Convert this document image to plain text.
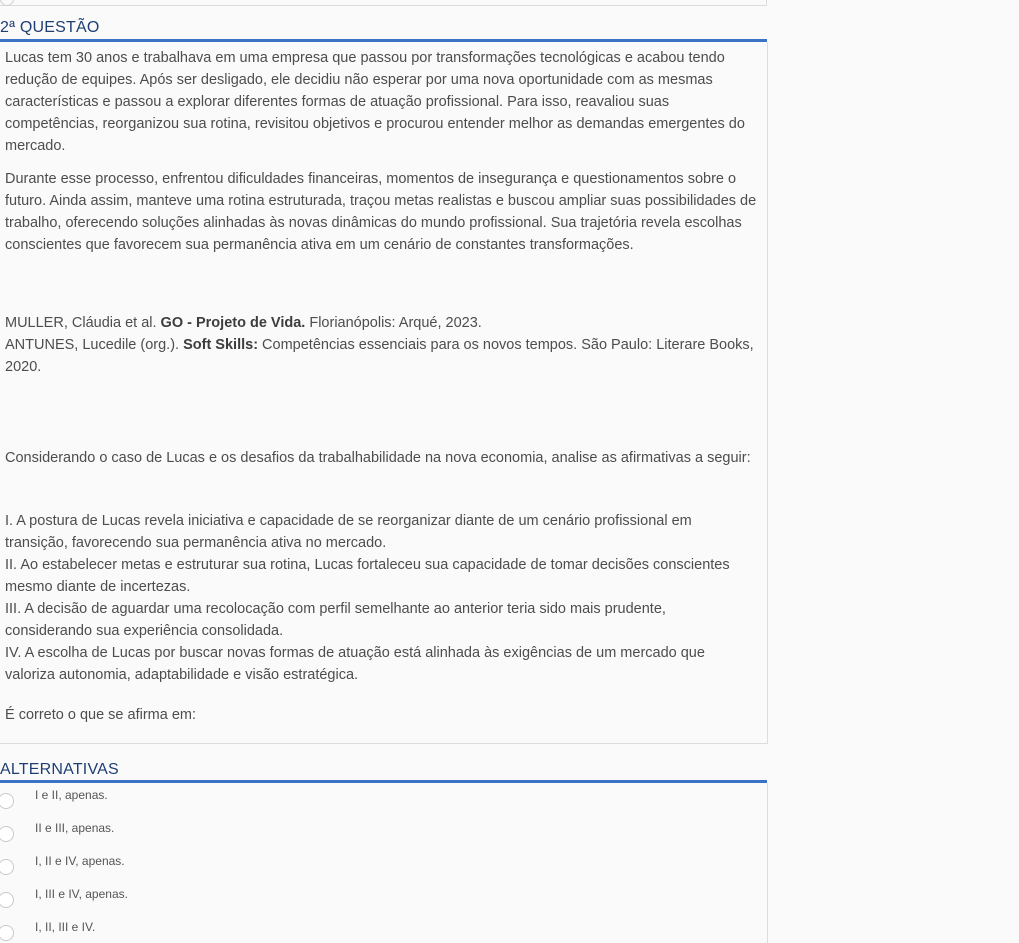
2ª QUESTÃO

Lucas tem 30 anos e trabalhava em uma empresa que passou por transformações tecnológicas e acabou tendo redução de equipes. Após ser desligado, ele decidiu não esperar por uma nova oportunidade com as mesmas características e passou a explorar diferentes formas de atuação profissional. Para isso, reavaliou suas competências, reorganizou sua rotina, revisitou objetivos e procurou entender melhor as demandas emergentes do mercado.

Durante esse processo, enfrentou dificuldades financeiras, momentos de insegurança e questionamentos sobre o futuro. Ainda assim, manteve uma rotina estruturada, traçou metas realistas e buscou ampliar suas possibilidades de trabalho, oferecendo soluções alinhadas às novas dinâmicas do mundo profissional. Sua trajetória revela escolhas conscientes que favorecem sua permanência ativa em um cenário de constantes transformações.

MULLER, Cláudia et al. GO - Projeto de Vida. Florianópolis: Arqué, 2023.
ANTUNES, Lucedile (org.). Soft Skills: Competências essenciais para os novos tempos. São Paulo: Literare Books, 2020.

Considerando o caso de Lucas e os desafios da trabalhabilidade na nova economia, analise as afirmativas a seguir:

I. A postura de Lucas revela iniciativa e capacidade de se reorganizar diante de um cenário profissional em transição, favorecendo sua permanência ativa no mercado.
II. Ao estabelecer metas e estruturar sua rotina, Lucas fortaleceu sua capacidade de tomar decisões conscientes mesmo diante de incertezas.
III. A decisão de aguardar uma recolocação com perfil semelhante ao anterior teria sido mais prudente, considerando sua experiência consolidada.
IV. A escolha de Lucas por buscar novas formas de atuação está alinhada às exigências de um mercado que valoriza autonomia, adaptabilidade e visão estratégica.

É correto o que se afirma em:

ALTERNATIVAS
I e II, apenas.
II e III, apenas.
I, II e IV, apenas.
I, III e IV, apenas.
I, II, III e IV.
